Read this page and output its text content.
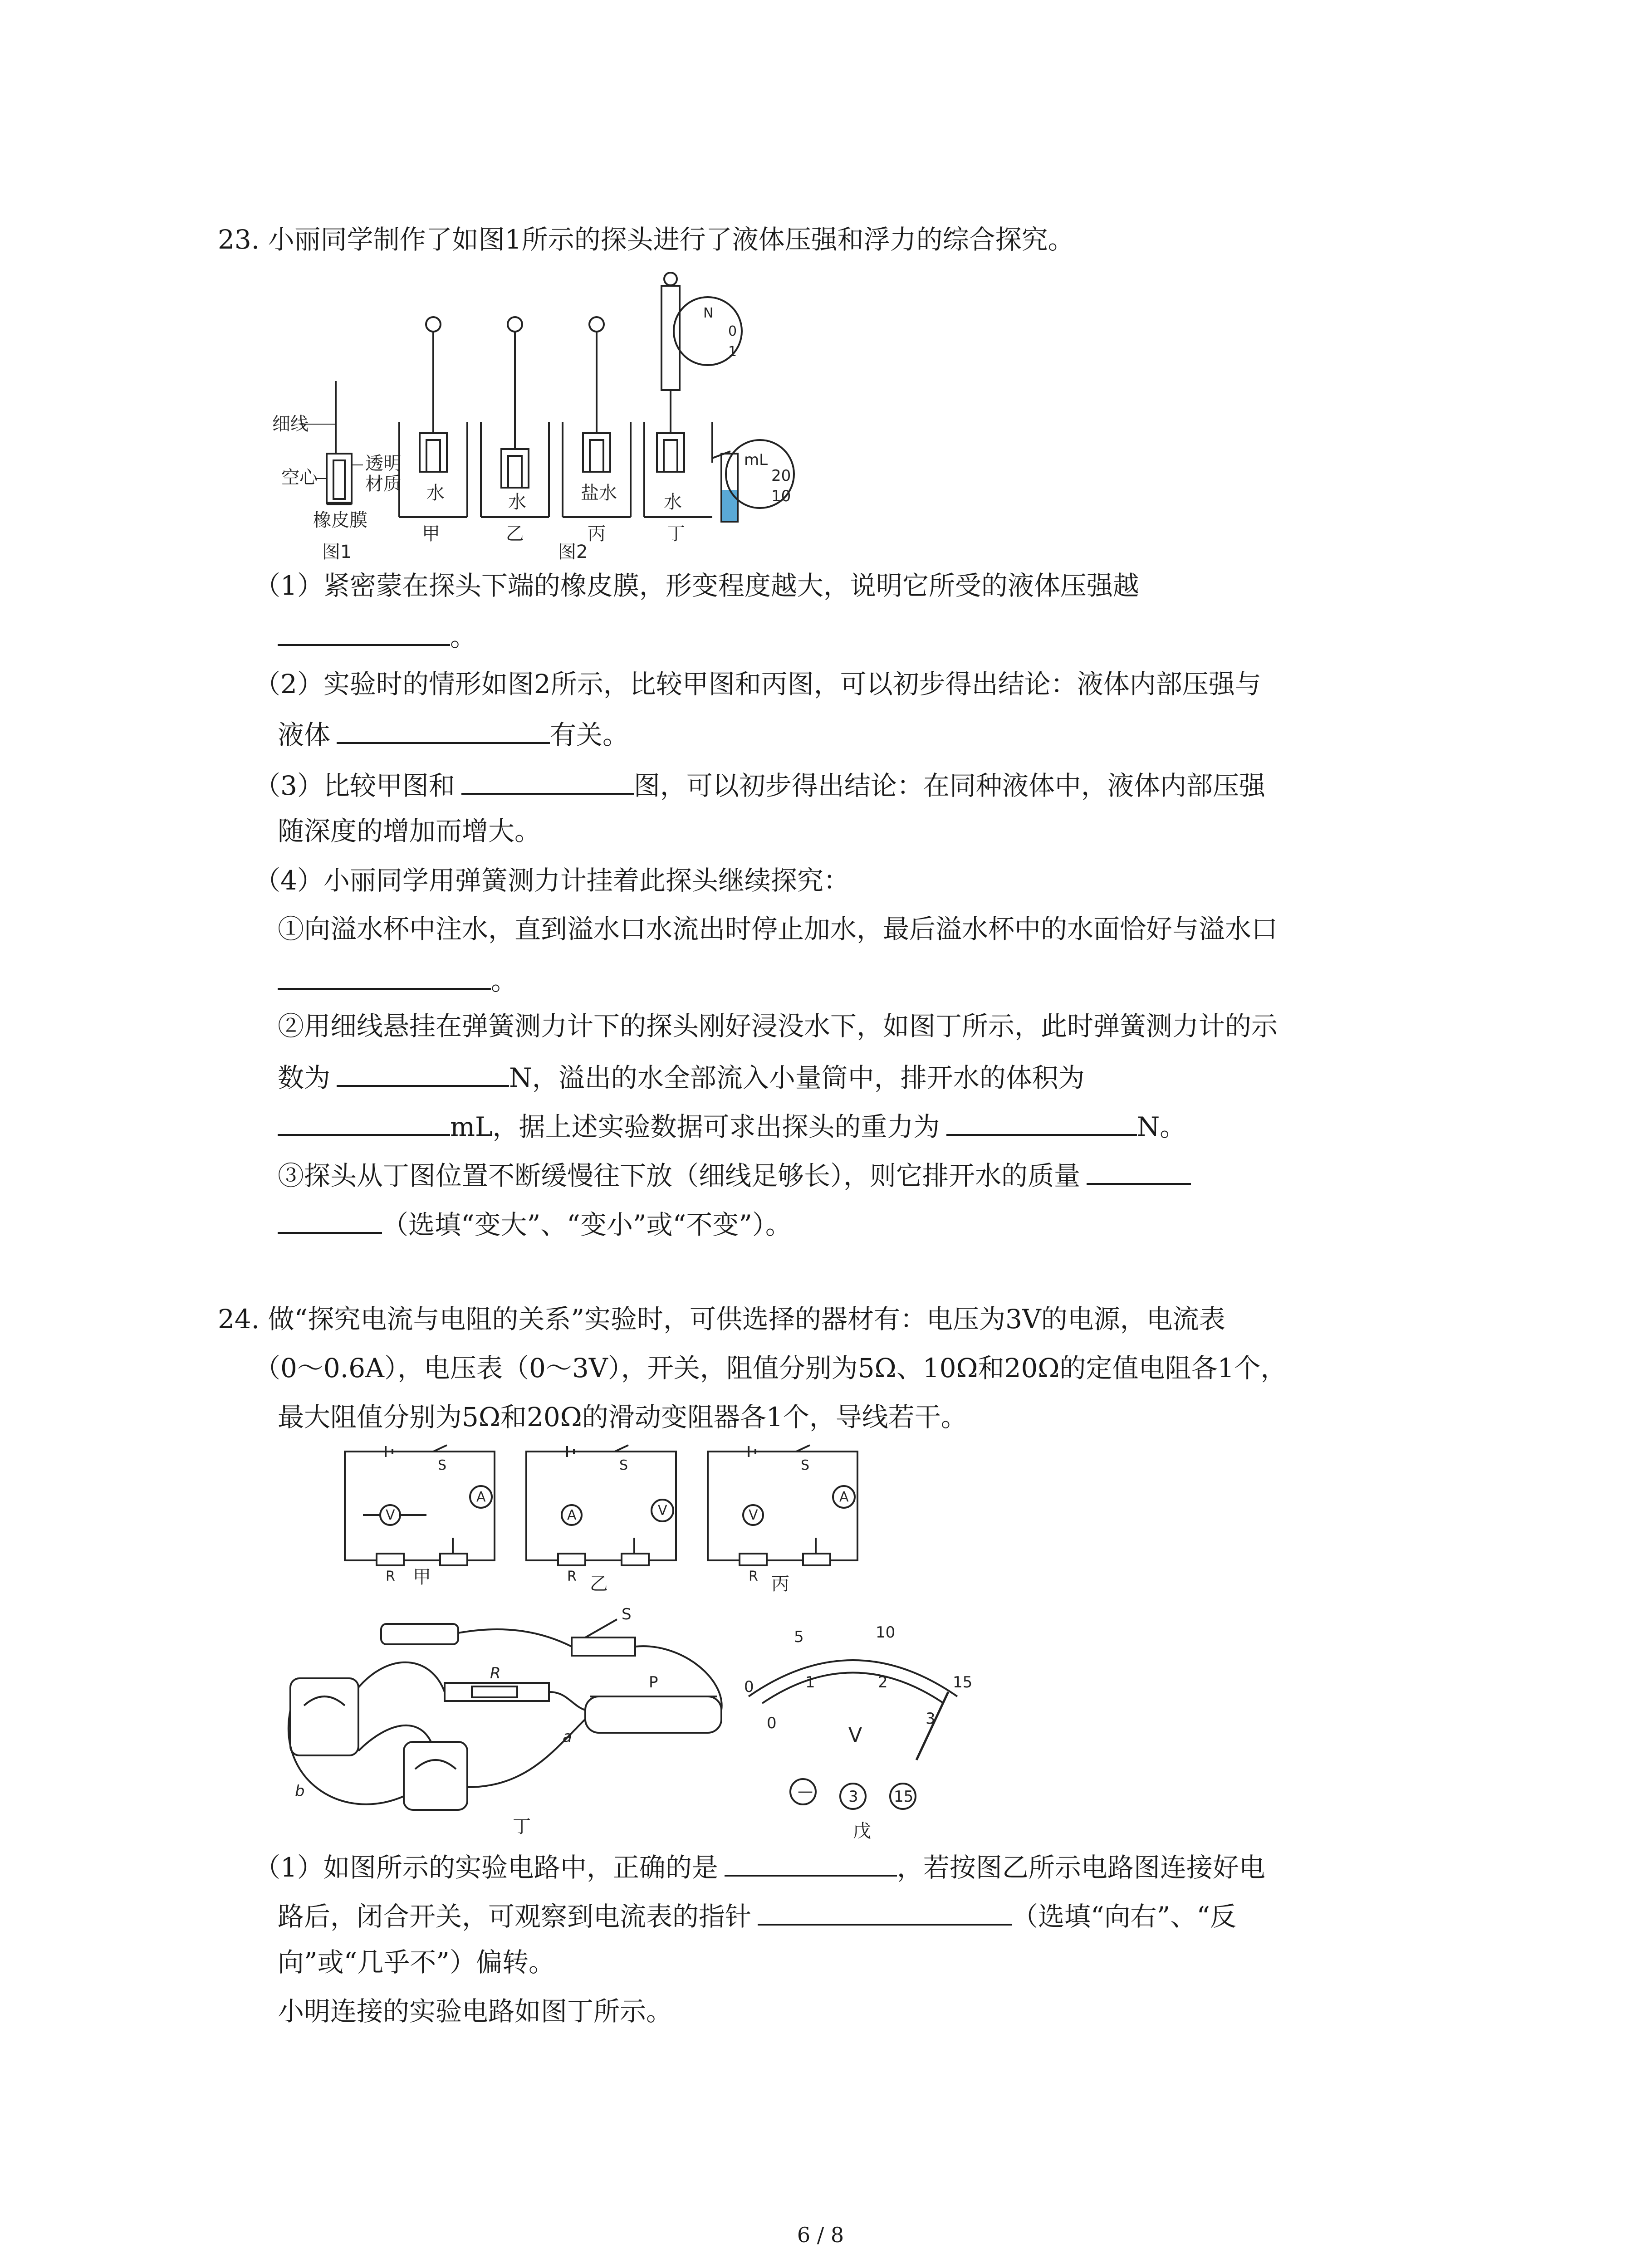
23. 小丽同学制作了如图1所示的探头进行了液体压强和浮力的综合探究。
细线
空心
透明
材质
橡皮膜
图1
水	水	盐水	水
甲	乙	丙	丁
图2
mL
20
10
N
0
1
（1）紧密蒙在探头下端的橡皮膜，形变程度越大，说明它所受的液体压强越
。
（2）实验时的情形如图2所示，比较甲图和丙图，可以初步得出结论：液体内部压强与
液体	有关。
（3）比较甲图和	图，可以初步得出结论：在同种液体中，液体内部压强
随深度的增加而增大。
（4）小丽同学用弹簧测力计挂着此探头继续探究：
①向溢水杯中注水，直到溢水口水流出时停止加水，最后溢水杯中的水面恰好与溢水口
。
②用细线悬挂在弹簧测力计下的探头刚好浸没水下，如图丁所示，此时弹簧测力计的示
数为	N，溢出的水全部流入小量筒中，排开水的体积为
mL，据上述实验数据可求出探头的重力为	N。
③探头从丁图位置不断缓慢往下放（细线足够长），则它排开水的质量
（选填“变大”、“变小”或“不变”）。
24. 做“探究电流与电阻的关系”实验时，可供选择的器材有：电压为3V的电源，电流表
（0～0.6A），电压表（0～3V），开关，阻值分别为5Ω、10Ω和20Ω的定值电阻各1个，
最大阻值分别为5Ω和20Ω的滑动变阻器各1个，导线若干。
S
A
V
R 甲
S
V
A
R 乙
S
A
V
R 丙
S
R	P
a
b
丁
0
5	10
15
0
1	2
3
V
— 3 15
戊
（1）如图所示的实验电路中，正确的是	，若按图乙所示电路图连接好电
路后，闭合开关，可观察到电流表的指针	（选填“向右”、“反
向”或“几乎不”）偏转。
小明连接的实验电路如图丁所示。
6 / 8
